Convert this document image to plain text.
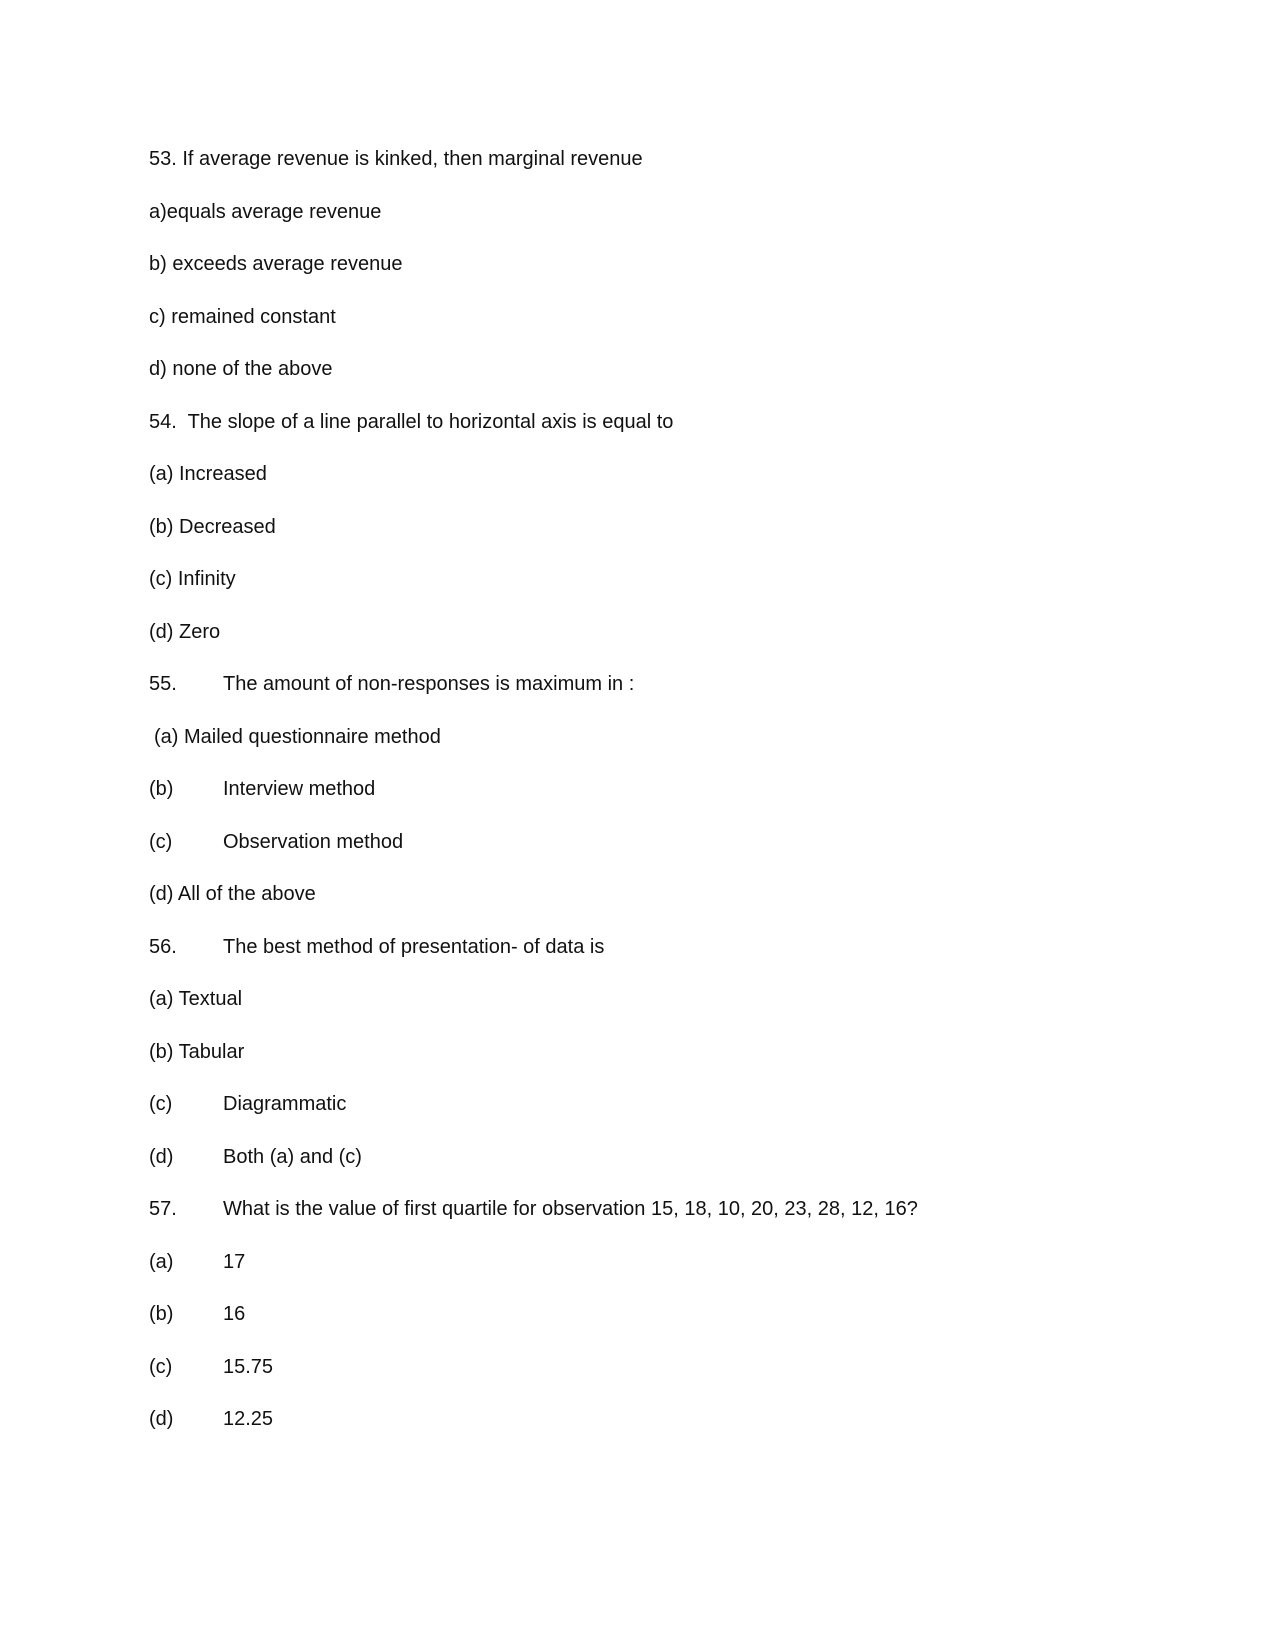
53. If average revenue is kinked, then marginal revenue
a)equals average revenue
b) exceeds average revenue
c) remained constant
d) none of the above
54.  The slope of a line parallel to horizontal axis is equal to
(a) Increased
(b) Decreased
(c) Infinity
(d) Zero
55. The amount of non-responses is maximum in :
(a) Mailed questionnaire method
(b) Interview method
(c)	Observation method
(d) All of the above
56. The best method of presentation- of data is
(a) Textual
(b) Tabular
(c)	Diagrammatic
(d) Both (a) and (c)
57. What is the value of first quartile for observation 15, 18, 10, 20, 23, 28, 12, 16?
(a) 17
(b) 16
(c)	15.75
(d) 12.25
